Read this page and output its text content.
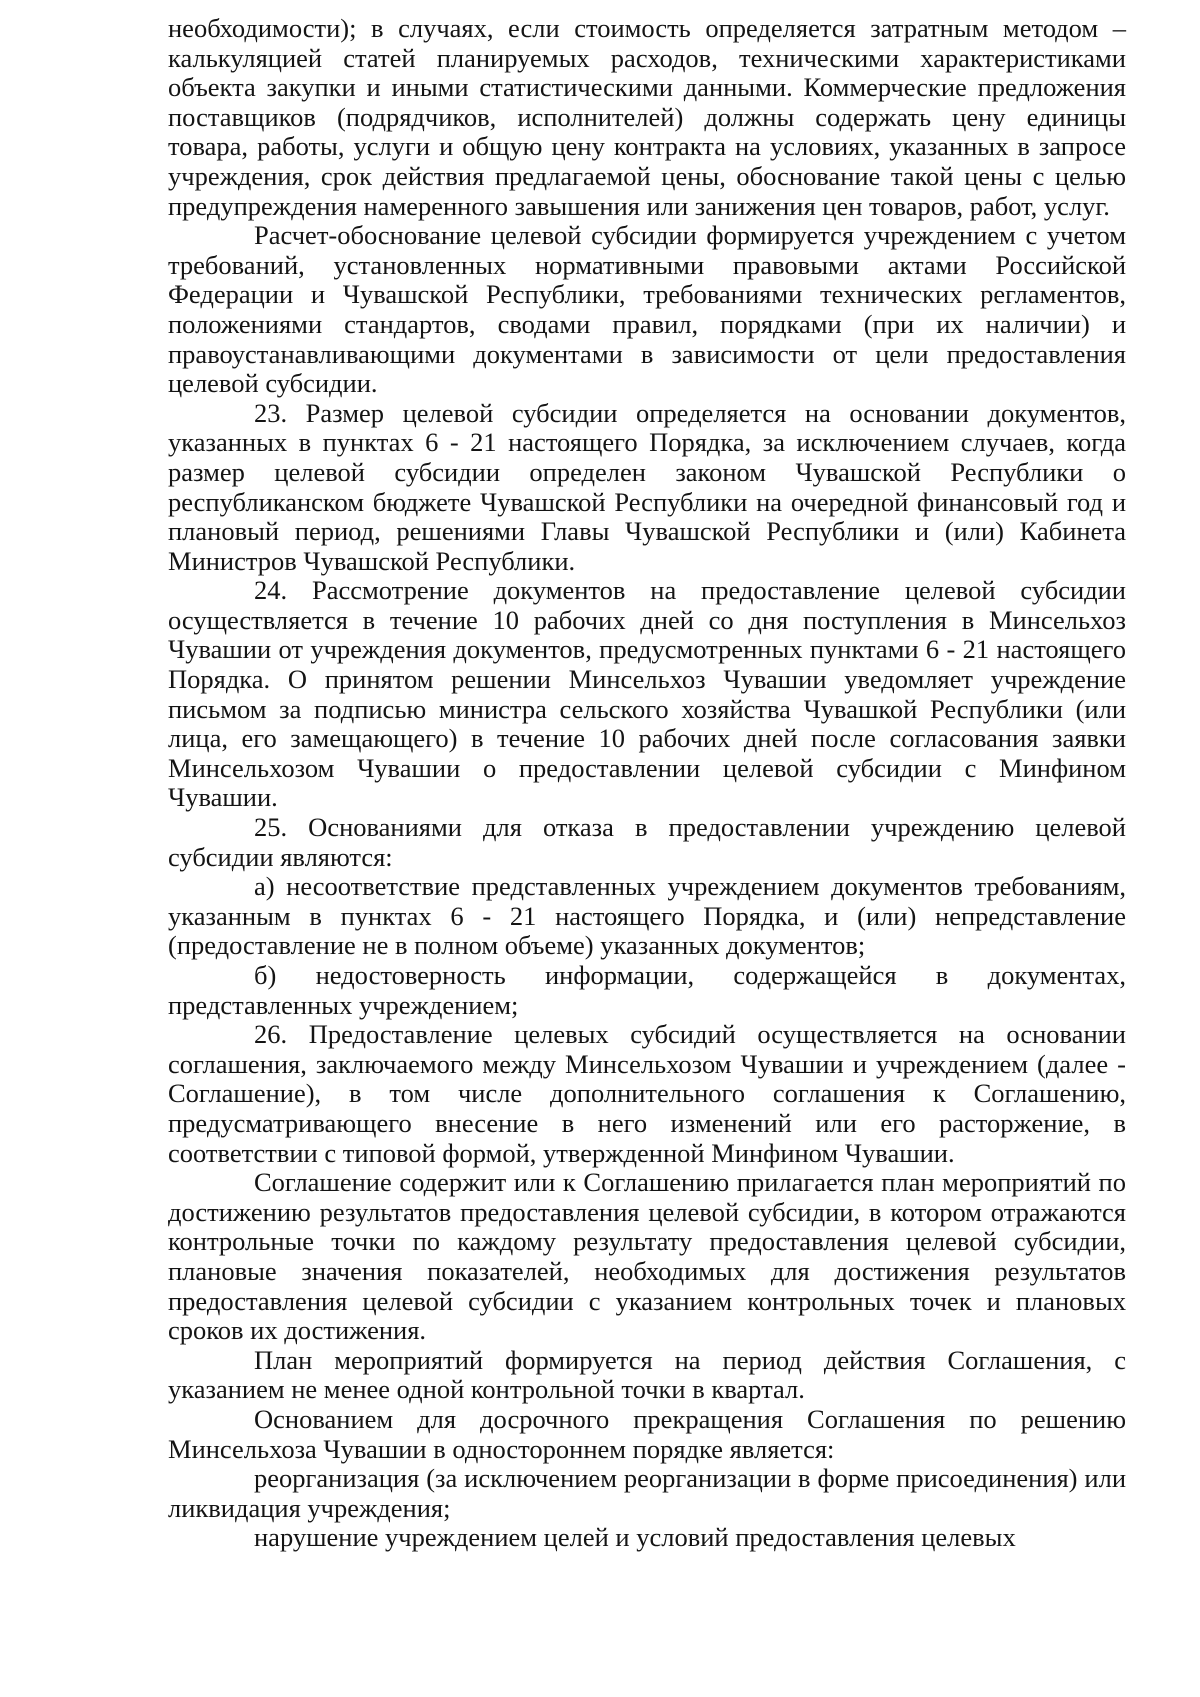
необходимости); в случаях, если стоимость определяется затратным методом – калькуляцией статей планируемых расходов, техническими характеристиками объекта закупки и иными статистическими данными. Коммерческие предложения поставщиков (подрядчиков, исполнителей) должны содержать цену единицы товара, работы, услуги и общую цену контракта на условиях, указанных в запросе учреждения, срок действия предлагаемой цены, обоснование такой цены с целью предупреждения намеренного завышения или занижения цен товаров, работ, услуг.

Расчет-обоснование целевой субсидии формируется учреждением с учетом требований, установленных нормативными правовыми актами Российской Федерации и Чувашской Республики, требованиями технических регламентов, положениями стандартов, сводами правил, порядками (при их наличии) и правоустанавливающими документами в зависимости от цели предоставления целевой субсидии.

23. Размер целевой субсидии определяется на основании документов, указанных в пунктах 6 - 21 настоящего Порядка, за исключением случаев, когда размер целевой субсидии определен законом Чувашской Республики о республиканском бюджете Чувашской Республики на очередной финансовый год и плановый период, решениями Главы Чувашской Республики и (или) Кабинета Министров Чувашской Республики.

24. Рассмотрение документов на предоставление целевой субсидии осуществляется в течение 10 рабочих дней со дня поступления в Минсельхоз Чувашии от учреждения документов, предусмотренных пунктами 6 - 21 настоящего Порядка. О принятом решении Минсельхоз Чувашии уведомляет учреждение письмом за подписью министра сельского хозяйства Чувашкой Республики (или лица, его замещающего) в течение 10 рабочих дней после согласования заявки Минсельхозом Чувашии о предоставлении целевой субсидии с Минфином Чувашии.

25. Основаниями для отказа в предоставлении учреждению целевой субсидии являются:

а) несоответствие представленных учреждением документов требованиям, указанным в пунктах 6 - 21 настоящего Порядка, и (или) непредставление (предоставление не в полном объеме) указанных документов;

б) недостоверность информации, содержащейся в документах, представленных учреждением;

26. Предоставление целевых субсидий осуществляется на основании соглашения, заключаемого между Минсельхозом Чувашии и учреждением (далее - Соглашение), в том числе дополнительного соглашения к Соглашению, предусматривающего внесение в него изменений или его расторжение, в соответствии с типовой формой, утвержденной Минфином Чувашии.

Соглашение содержит или к Соглашению прилагается план мероприятий по достижению результатов предоставления целевой субсидии, в котором отражаются контрольные точки по каждому результату предоставления целевой субсидии, плановые значения показателей, необходимых для достижения результатов предоставления целевой субсидии с указанием контрольных точек и плановых сроков их достижения.

План мероприятий формируется на период действия Соглашения, с указанием не менее одной контрольной точки в квартал.

Основанием для досрочного прекращения Соглашения по решению Минсельхоза Чувашии в одностороннем порядке является:

реорганизация (за исключением реорганизации в форме присоединения) или ликвидация учреждения;

нарушение учреждением целей и условий предоставления целевых
